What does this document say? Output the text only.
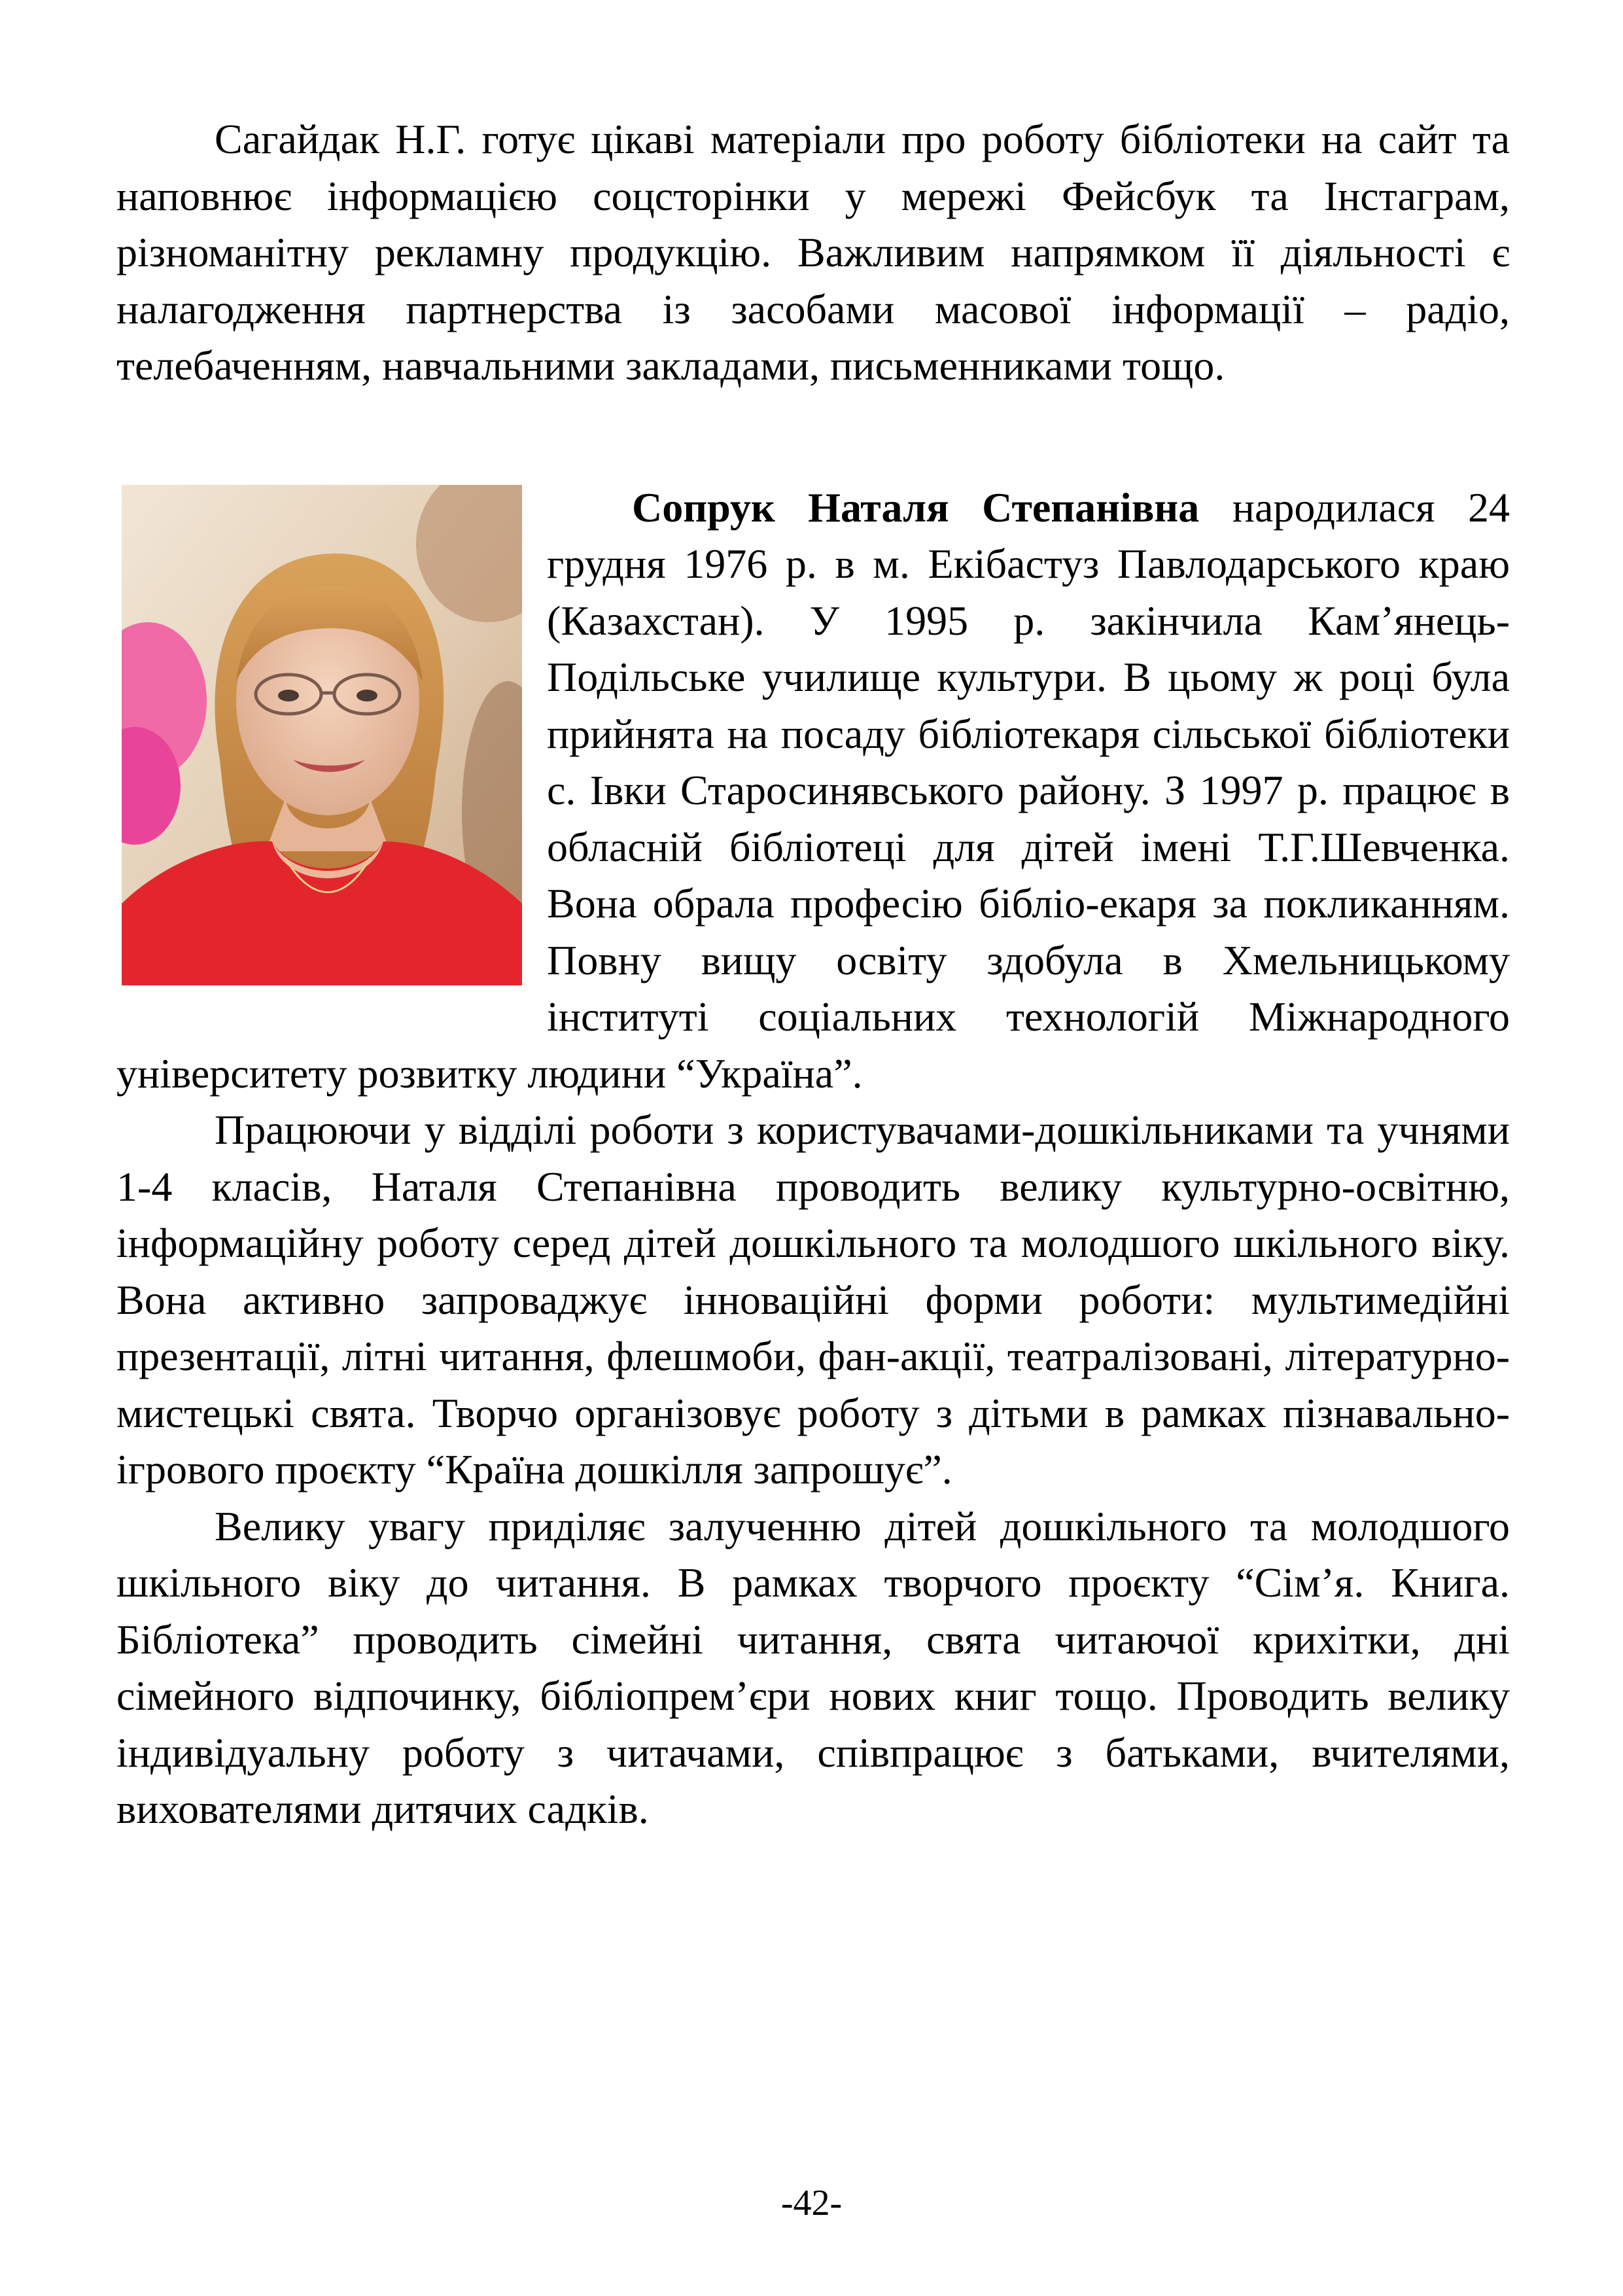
Сагайдак Н.Г. готує цікаві матеріали про роботу бібліотеки на сайт та наповнює інформацією соцсторінки у мережі Фейсбук та Інстаграм, різноманітну рекламну продукцію. Важливим напрямком її діяльності є налагодження партнерства із засобами масової інформації – радіо, телебаченням, навчальними закладами, письменниками тощо.

Сопрук Наталя Степанівна народилася 24 грудня 1976 р. в м. Екібастуз Павлодарського краю (Казахстан). У 1995 р. закінчила Кам’янець-Подільське училище культури. В цьому ж році була прийнята на посаду бібліотекаря сільської бібліотеки с. Івки Старосинявського району. З 1997 р. працює в обласній бібліотеці для дітей імені Т.Г.Шевченка. Вона обрала професію бібліо-екаря за покликанням. Повну вищу освіту здобула в Хмельницькому інституті соціальних технологій Міжнародного університету розвитку людини “Україна”.

Працюючи у відділі роботи з користувачами-дошкільниками та учнями 1-4 класів, Наталя Степанівна проводить велику культурно-освітню, інформаційну роботу серед дітей дошкільного та молодшого шкільного віку. Вона активно запроваджує інноваційні форми роботи: мультимедійні презентації, літні читання, флешмоби, фан-акції, театралізовані, літературно-мистецькі свята. Творчо організовує роботу з дітьми в рамках пізнавально-ігрового проєкту “Країна дошкілля запрошує”.

Велику увагу приділяє залученню дітей дошкільного та молодшого шкільного віку до читання. В рамках творчого проєкту “Сім’я. Книга. Бібліотека” проводить сімейні читання, свята читаючої крихітки, дні сімейного відпочинку, бібліопрем’єри нових книг тощо. Проводить велику індивідуальну роботу з читачами, співпрацює з батьками, вчителями, вихователями дитячих садків.

-42-
